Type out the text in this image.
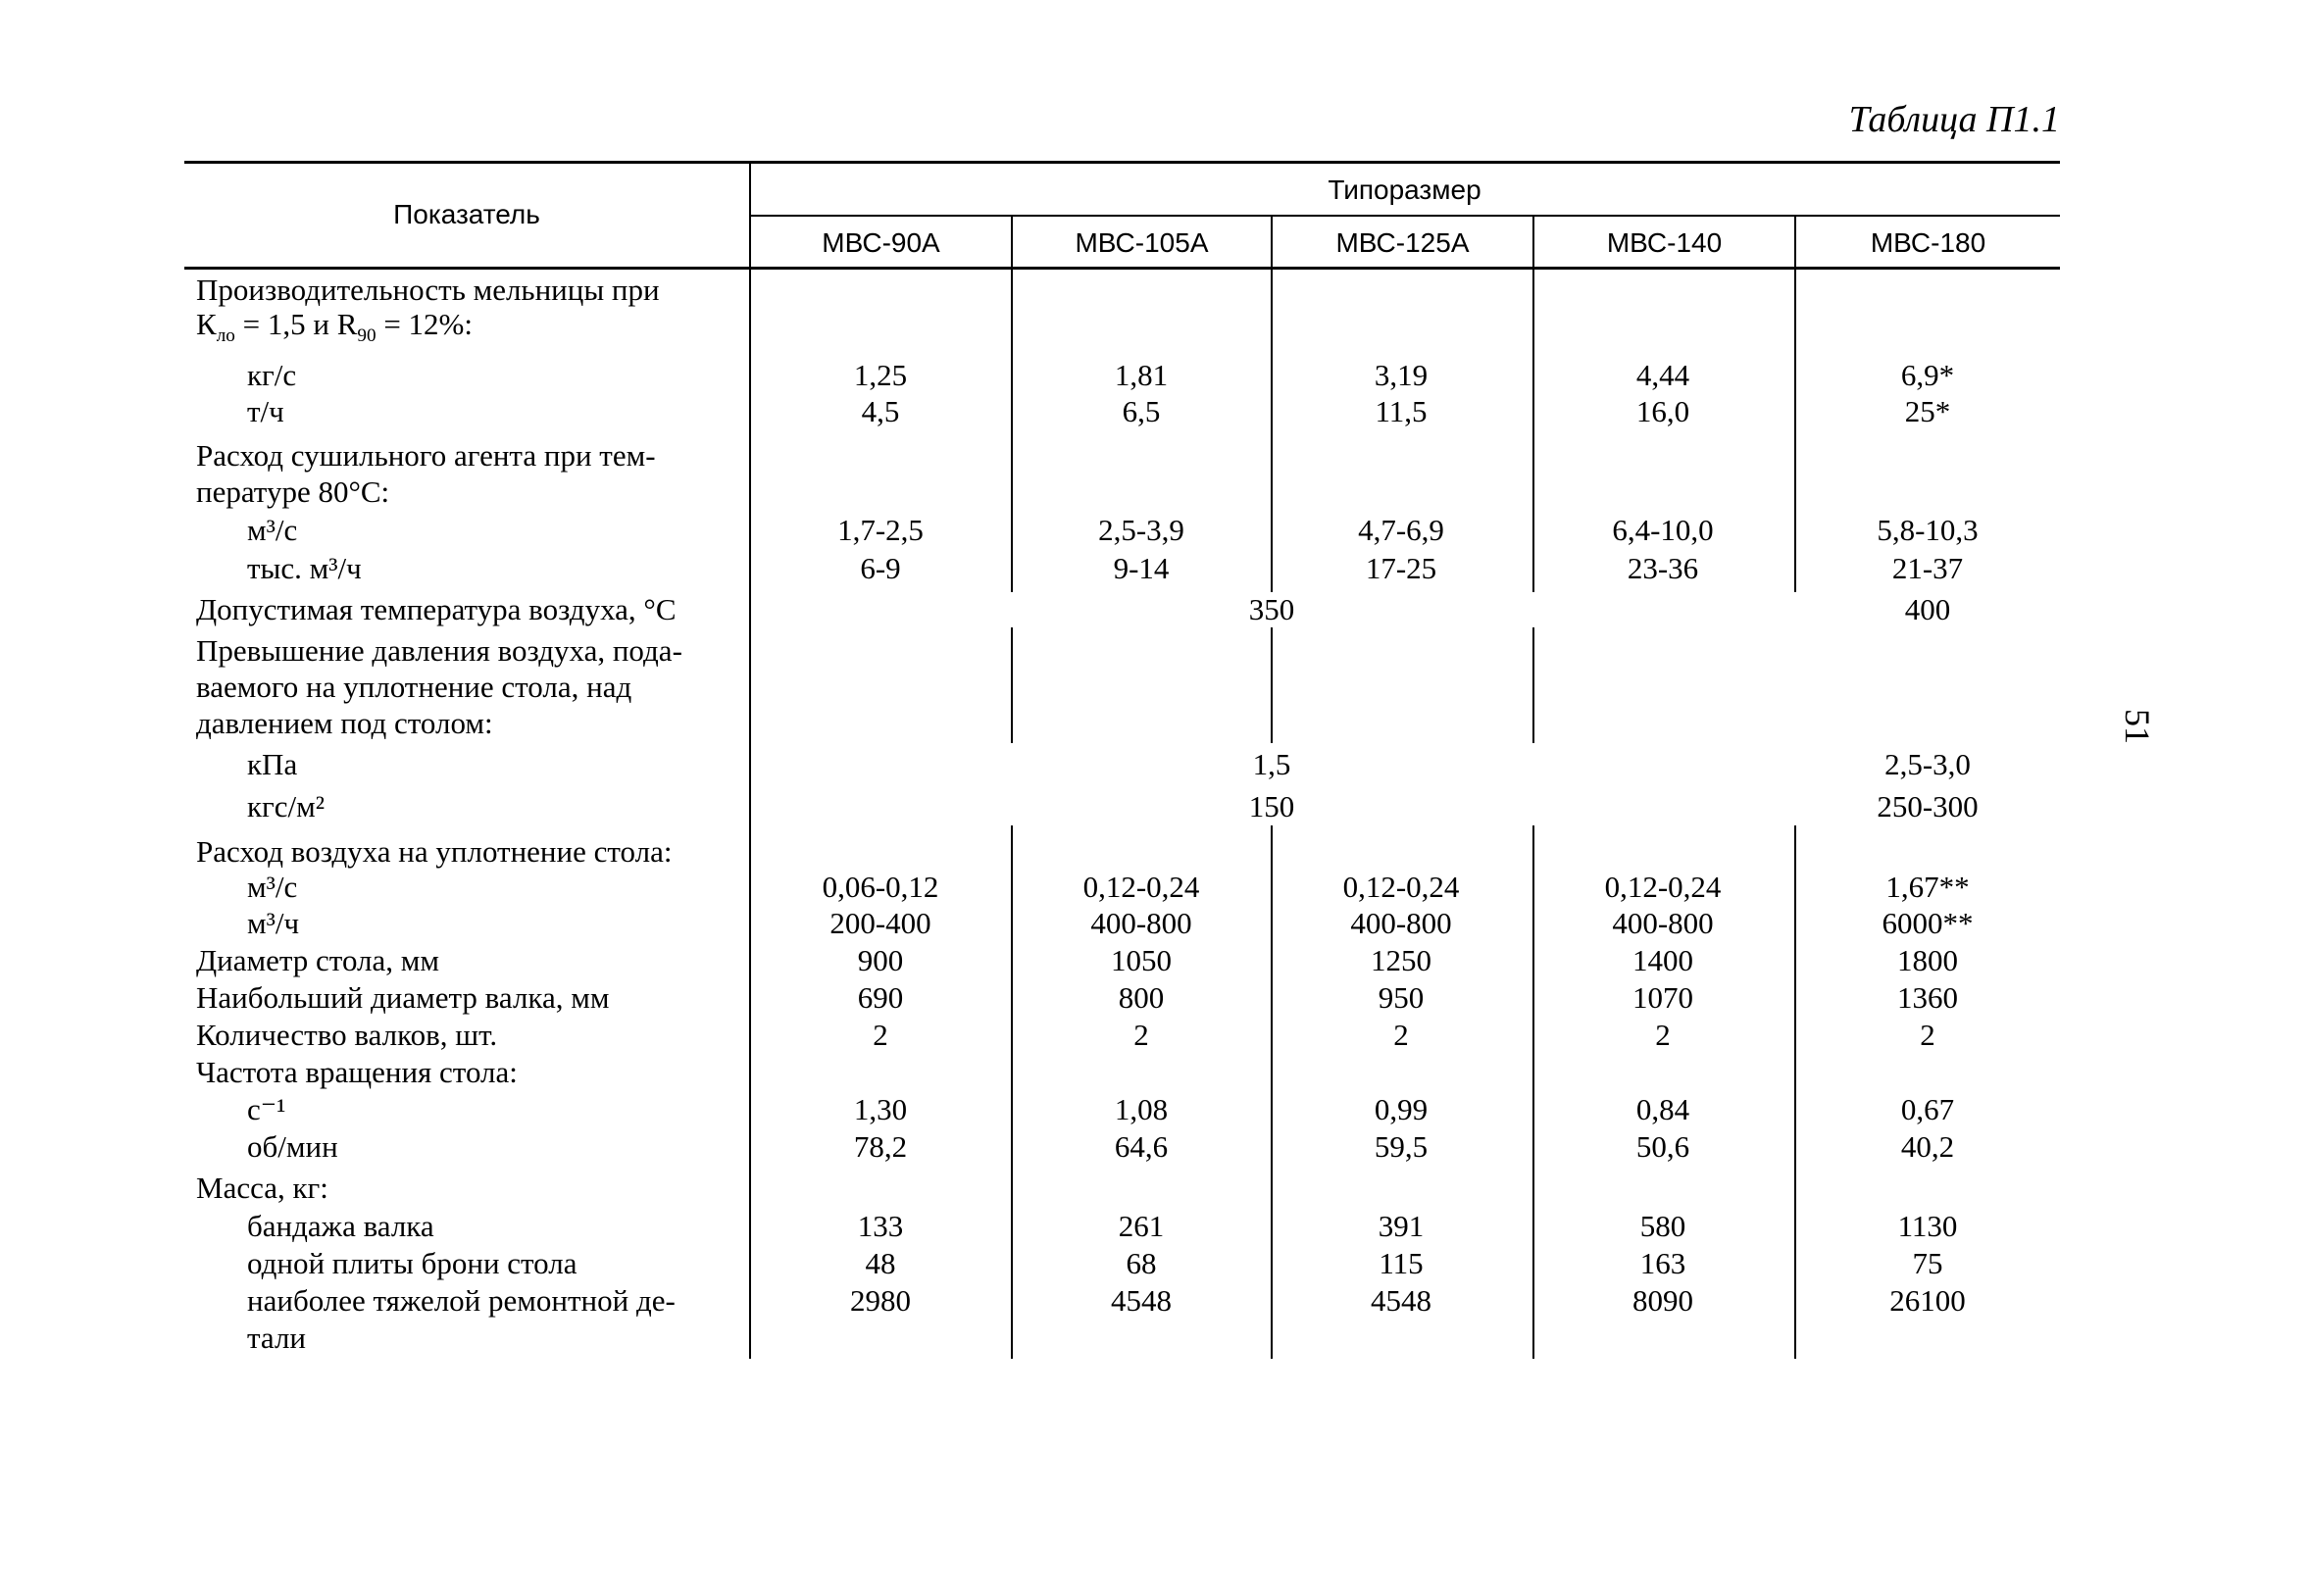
Таблица П1.1
51
Показатель
Типоразмер
МВС-90А	МВС-105А	МВС-125А	МВС-140	МВС-180
Производительность мельницы при
$К_{ло} = 1,5$ и $R_{90} = 12\%$:
кг/с	1,25	1,81	3,19	4,44	6,9*
т/ч	4,5	6,5	11,5	16,0	25*
Расход сушильного агента при тем-
пературе 80°С:
м³/с	1,7-2,5	2,5-3,9	4,7-6,9	6,4-10,0	5,8-10,3
тыс. м³/ч	6-9	9-14	17-25	23-36	21-37
Допустимая температура воздуха, °С	350	400
Превышение давления воздуха, пода-
ваемого на уплотнение стола, над
давлением под столом:
кПа	1,5	2,5-3,0
кгс/м²	150	250-300
Расход воздуха на уплотнение стола:
м³/с	0,06-0,12	0,12-0,24	0,12-0,24	0,12-0,24	1,67**
м³/ч	200-400	400-800	400-800	400-800	6000**
Диаметр стола, мм	900	1050	1250	1400	1800
Наибольший диаметр валка, мм	690	800	950	1070	1360
Количество валков, шт.	2	2	2	2	2
Частота вращения стола:
с⁻¹	1,30	1,08	0,99	0,84	0,67
об/мин	78,2	64,6	59,5	50,6	40,2
Масса, кг:
бандажа валка	133	261	391	580	1130
одной плиты брони стола	48	68	115	163	75
наиболее тяжелой ремонтной де-
тали
2980	4548	4548	8090	26100
